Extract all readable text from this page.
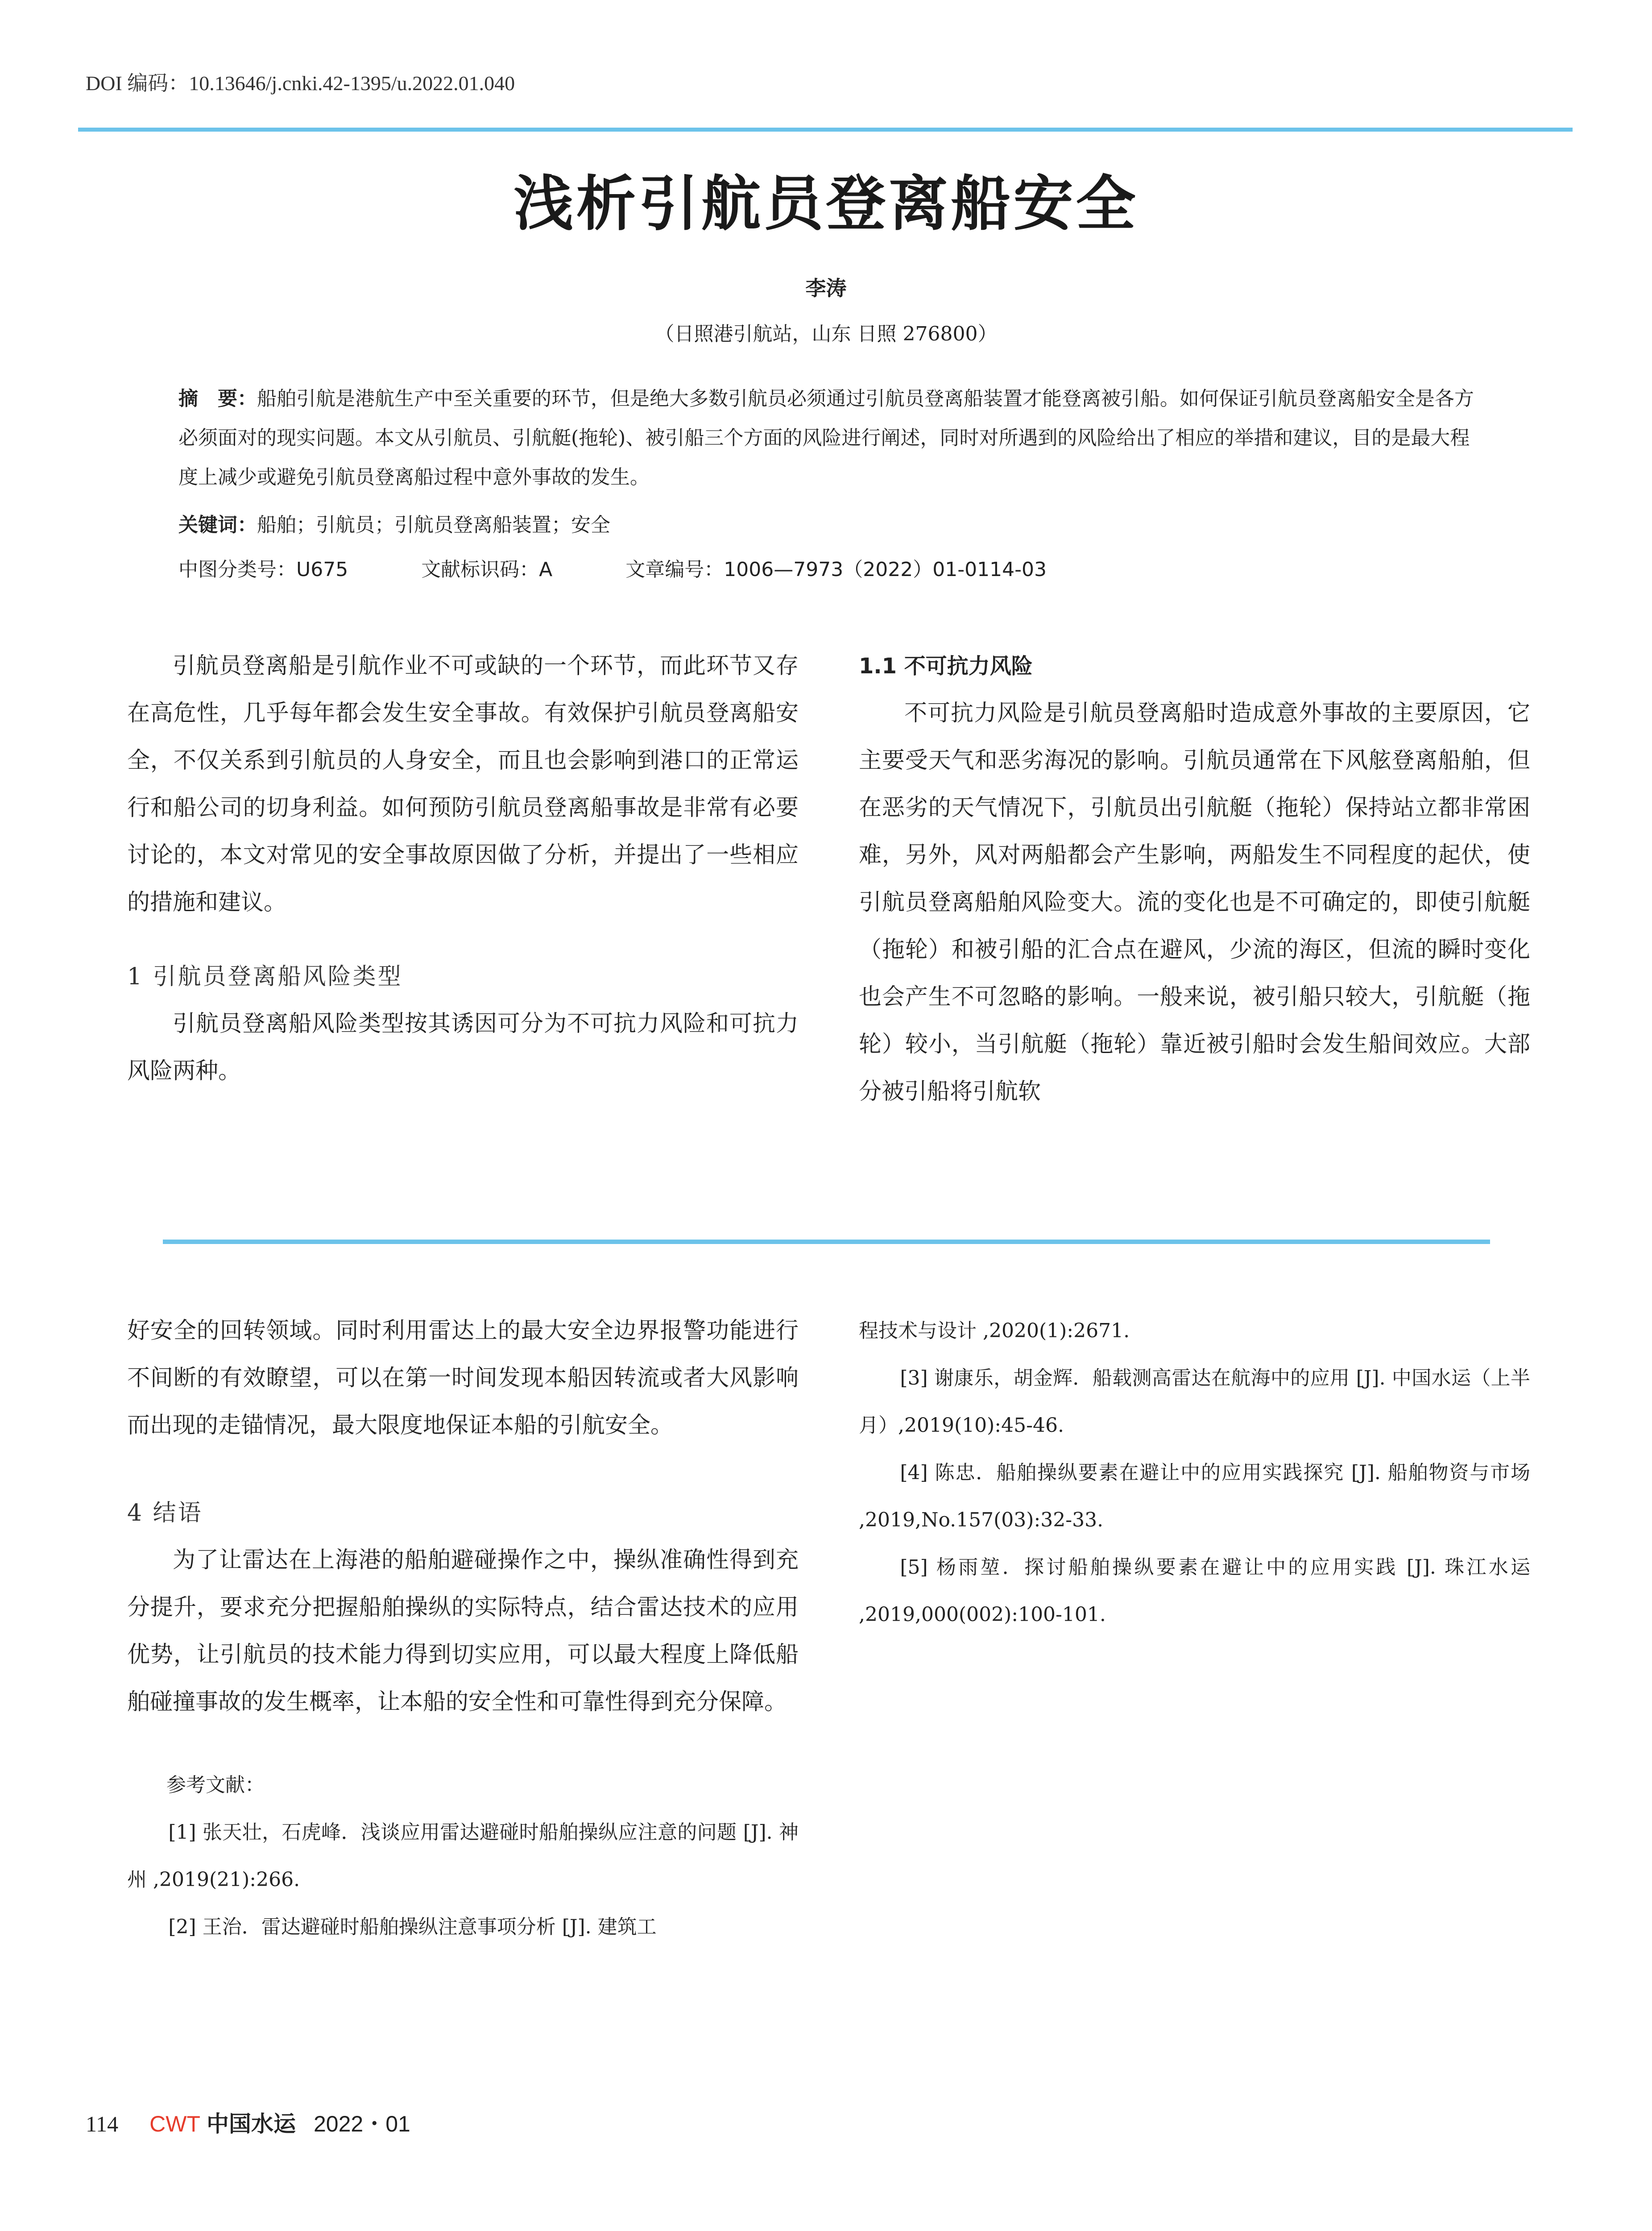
DOI 编码：10.13646/j.cnki.42-1395/u.2022.01.040
浅析引航员登离船安全
李涛
（日照港引航站，山东 日照 276800）
摘　要：船舶引航是港航生产中至关重要的环节，但是绝大多数引航员必须通过引航员登离船装置才能登离被引船。如何保证引航员登离船安全是各方必须面对的现实问题。本文从引航员、引航艇(拖轮)、被引船三个方面的风险进行阐述，同时对所遇到的风险给出了相应的举措和建议，目的是最大程度上减少或避免引航员登离船过程中意外事故的发生。
关键词：船舶；引航员；引航员登离船装置；安全
中图分类号：U675	文献标识码：A	文章编号：1006—7973（2022）01-0114-03

引航员登离船是引航作业不可或缺的一个环节，而此环节又存在高危性，几乎每年都会发生安全事故。有效保护引航员登离船安全，不仅关系到引航员的人身安全，而且也会影响到港口的正常运行和船公司的切身利益。如何预防引航员登离船事故是非常有必要讨论的，本文对常见的安全事故原因做了分析，并提出了一些相应的措施和建议。

1 引航员登离船风险类型

引航员登离船风险类型按其诱因可分为不可抗力风险和可抗力风险两种。

1.1 不可抗力风险

不可抗力风险是引航员登离船时造成意外事故的主要原因，它主要受天气和恶劣海况的影响。引航员通常在下风舷登离船舶，但在恶劣的天气情况下，引航员出引航艇（拖轮）保持站立都非常困难，另外，风对两船都会产生影响，两船发生不同程度的起伏，使引航员登离船舶风险变大。流的变化也是不可确定的，即使引航艇（拖轮）和被引船的汇合点在避风，少流的海区，但流的瞬时变化也会产生不可忽略的影响。一般来说，被引船只较大，引航艇（拖轮）较小，当引航艇（拖轮）靠近被引船时会发生船间效应。大部分被引船将引航软

好安全的回转领域。同时利用雷达上的最大安全边界报警功能进行不间断的有效瞭望，可以在第一时间发现本船因转流或者大风影响而出现的走锚情况，最大限度地保证本船的引航安全。

4 结语

为了让雷达在上海港的船舶避碰操作之中，操纵准确性得到充分提升，要求充分把握船舶操纵的实际特点，结合雷达技术的应用优势，让引航员的技术能力得到切实应用，可以最大程度上降低船舶碰撞事故的发生概率，让本船的安全性和可靠性得到充分保障。

参考文献：

[1] 张天壮，石虎峰．浅谈应用雷达避碰时船舶操纵应注意的问题 [J]. 神州 ,2019(21):266.

[2] 王治．雷达避碰时船舶操纵注意事项分析 [J]. 建筑工

程技术与设计 ,2020(1):2671.

[3] 谢康乐，胡金辉．船载测高雷达在航海中的应用 [J]. 中国水运（上半月）,2019(10):45-46.

[4] 陈忠．船舶操纵要素在避让中的应用实践探究 [J]. 船舶物资与市场 ,2019,No.157(03):32-33.

[5] 杨雨堃．探讨船舶操纵要素在避让中的应用实践 [J]. 珠江水运 ,2019,000(002):100-101.

114 CWT 中国水运 2022・01
